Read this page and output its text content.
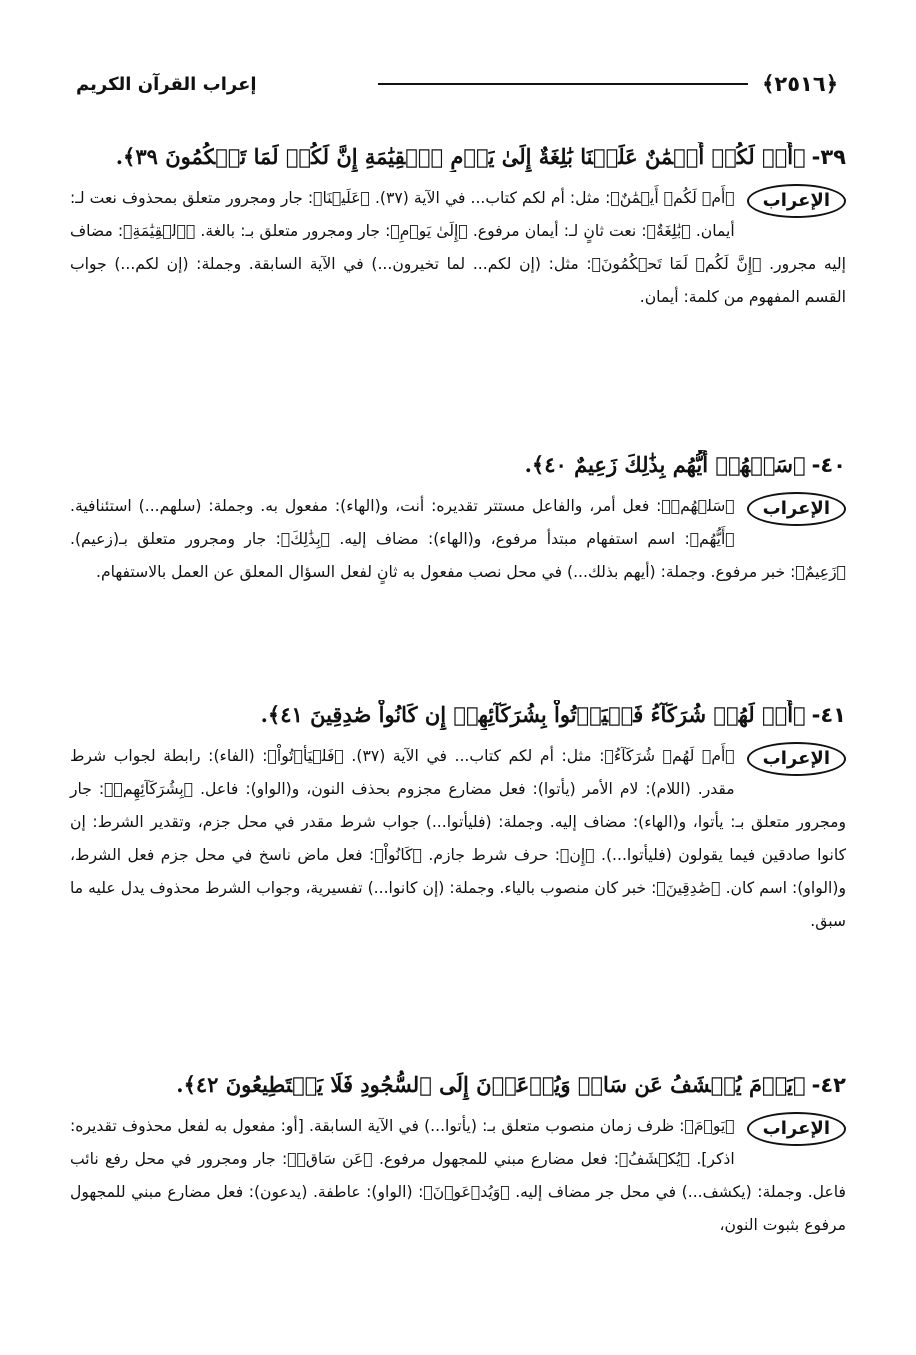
﴿٢٥١٦﴾
إعراب القرآن الكريم
٣٩-﴿أَمۡ لَكُمۡ أَيۡمَٰنٌ عَلَيۡنَا بَٰلِغَةٌ إِلَىٰ يَوۡمِ ٱلۡقِيَٰمَةِ إِنَّ لَكُمۡ لَمَا تَحۡكُمُونَ ٣٩﴾.
الإعراب
﴿أَمۡ لَكُمۡ أَيۡمَٰنٌ﴾: مثل: أم لكم كتاب... في الآية (٣٧). ﴿عَلَيۡنَا﴾: جار ومجرور متعلق بمحذوف نعت لـ: أيمان. ﴿بَٰلِغَةٌ﴾: نعت ثانٍ لـ: أيمان مرفوع. ﴿إِلَىٰ يَوۡمِ﴾: جار ومجرور متعلق بـ: بالغة. ﴿ٱلۡقِيَٰمَةِ﴾: مضاف إليه مجرور. ﴿إِنَّ لَكُمۡ لَمَا تَحۡكُمُونَ﴾: مثل: (إن لكم... لما تخيرون...) في الآية السابقة. وجملة: (إن لكم...) جواب القسم المفهوم من كلمة: أيمان.
٤٠-﴿سَلۡهُمۡ أَيُّهُم بِذَٰلِكَ زَعِيمٌ ٤٠﴾.
الإعراب
﴿سَلۡهُمۡ﴾: فعل أمر، والفاعل مستتر تقديره: أنت، و(الهاء): مفعول به. وجملة: (سلهم...) استئنافية. ﴿أَيُّهُم﴾: اسم استفهام مبتدأ مرفوع، و(الهاء): مضاف إليه. ﴿بِذَٰلِكَ﴾: جار ومجرور متعلق بـ(زعيم). ﴿زَعِيمٌ﴾: خبر مرفوع. وجملة: (أيهم بذلك...) في محل نصب مفعول به ثانٍ لفعل السؤال المعلق عن العمل بالاستفهام.
٤١-﴿أَمۡ لَهُمۡ شُرَكَآءُ فَلۡيَأۡتُواْ بِشُرَكَآئِهِمۡ إِن كَانُواْ صَٰدِقِينَ ٤١﴾.
الإعراب
﴿أَمۡ لَهُمۡ شُرَكَآءُ﴾: مثل: أم لكم كتاب... في الآية (٣٧). ﴿فَلۡيَأۡتُواْ﴾: (الفاء): رابطة لجواب شرط مقدر. (اللام): لام الأمر (يأتوا): فعل مضارع مجزوم بحذف النون، و(الواو): فاعل. ﴿بِشُرَكَآئِهِمۡ﴾: جار ومجرور متعلق بـ: يأتوا، و(الهاء): مضاف إليه. وجملة: (فليأتوا...) جواب شرط مقدر في محل جزم، وتقدير الشرط: إن كانوا صادقين فيما يقولون (فليأتوا...). ﴿إِن﴾: حرف شرط جازم. ﴿كَانُواْ﴾: فعل ماض ناسخ في محل جزم فعل الشرط، و(الواو): اسم كان. ﴿صَٰدِقِينَ﴾: خبر كان منصوب بالياء. وجملة: (إن كانوا...) تفسيرية، وجواب الشرط محذوف يدل عليه ما سبق.
٤٢-﴿يَوۡمَ يُكۡشَفُ عَن سَاقٖ وَيُدۡعَوۡنَ إِلَى ٱلسُّجُودِ فَلَا يَسۡتَطِيعُونَ ٤٢﴾.
الإعراب
﴿يَوۡمَ﴾: ظرف زمان منصوب متعلق بـ: (يأتوا...) في الآية السابقة. [أو: مفعول به لفعل محذوف تقديره: اذكر]. ﴿يُكۡشَفُ﴾: فعل مضارع مبني للمجهول مرفوع. ﴿عَن سَاقٖ﴾: جار ومجرور في محل رفع نائب فاعل. وجملة: (يكشف...) في محل جر مضاف إليه. ﴿وَيُدۡعَوۡنَ﴾: (الواو): عاطفة. (يدعون): فعل مضارع مبني للمجهول مرفوع بثبوت النون،
